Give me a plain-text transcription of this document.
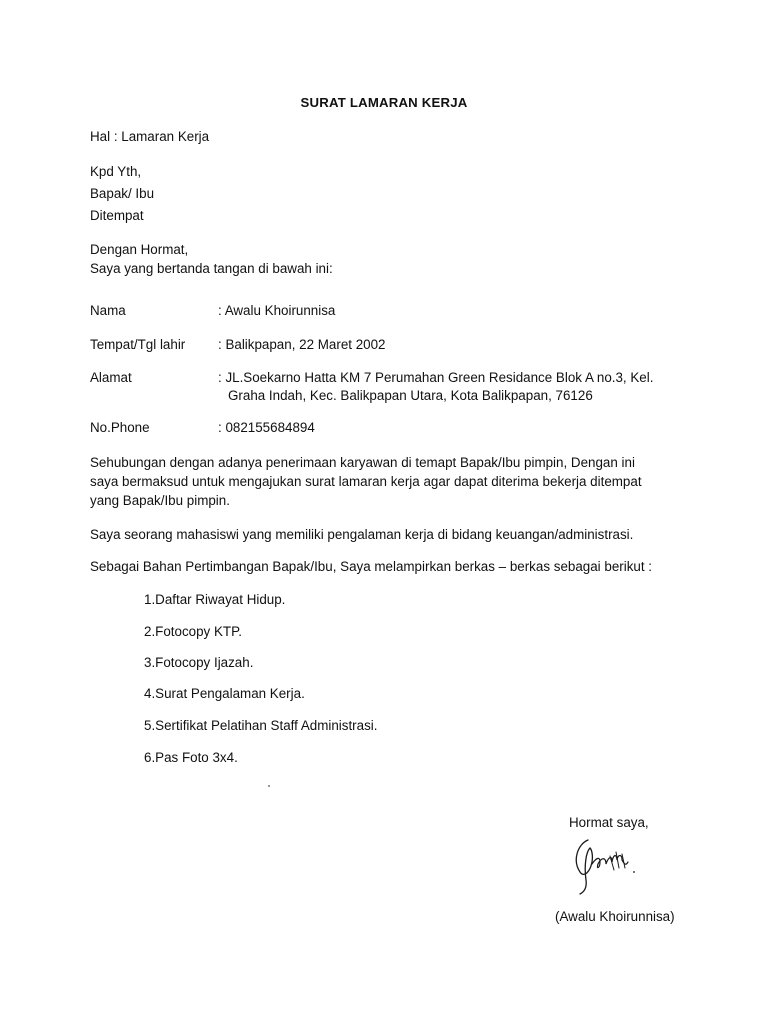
SURAT LAMARAN KERJA
Hal : Lamaran Kerja
Kpd Yth,
Bapak/ Ibu
Ditempat
Dengan Hormat,
Saya yang bertanda tangan di bawah ini:
Nama	: Awalu Khoirunnisa
Tempat/Tgl lahir : Balikpapan, 22 Maret 2002
Alamat	: JL.Soekarno Hatta KM 7 Perumahan Green Residance Blok A no.3, Kel.
Graha Indah, Kec. Balikpapan Utara, Kota Balikpapan, 76126
No.Phone	: 082155684894
Sehubungan dengan adanya penerimaan karyawan di temapt Bapak/Ibu pimpin, Dengan ini
saya bermaksud untuk mengajukan surat lamaran kerja agar dapat diterima bekerja ditempat
yang Bapak/Ibu pimpin.
Saya seorang mahasiswi yang memiliki pengalaman kerja di bidang keuangan/administrasi.
Sebagai Bahan Pertimbangan Bapak/Ibu, Saya melampirkan berkas – berkas sebagai berikut :
1.Daftar Riwayat Hidup.
2.Fotocopy KTP.
3.Fotocopy Ijazah.
4.Surat Pengalaman Kerja.
5.Sertifikat Pelatihan Staff Administrasi.
6.Pas Foto 3x4.
Hormat saya,
(Awalu Khoirunnisa)
